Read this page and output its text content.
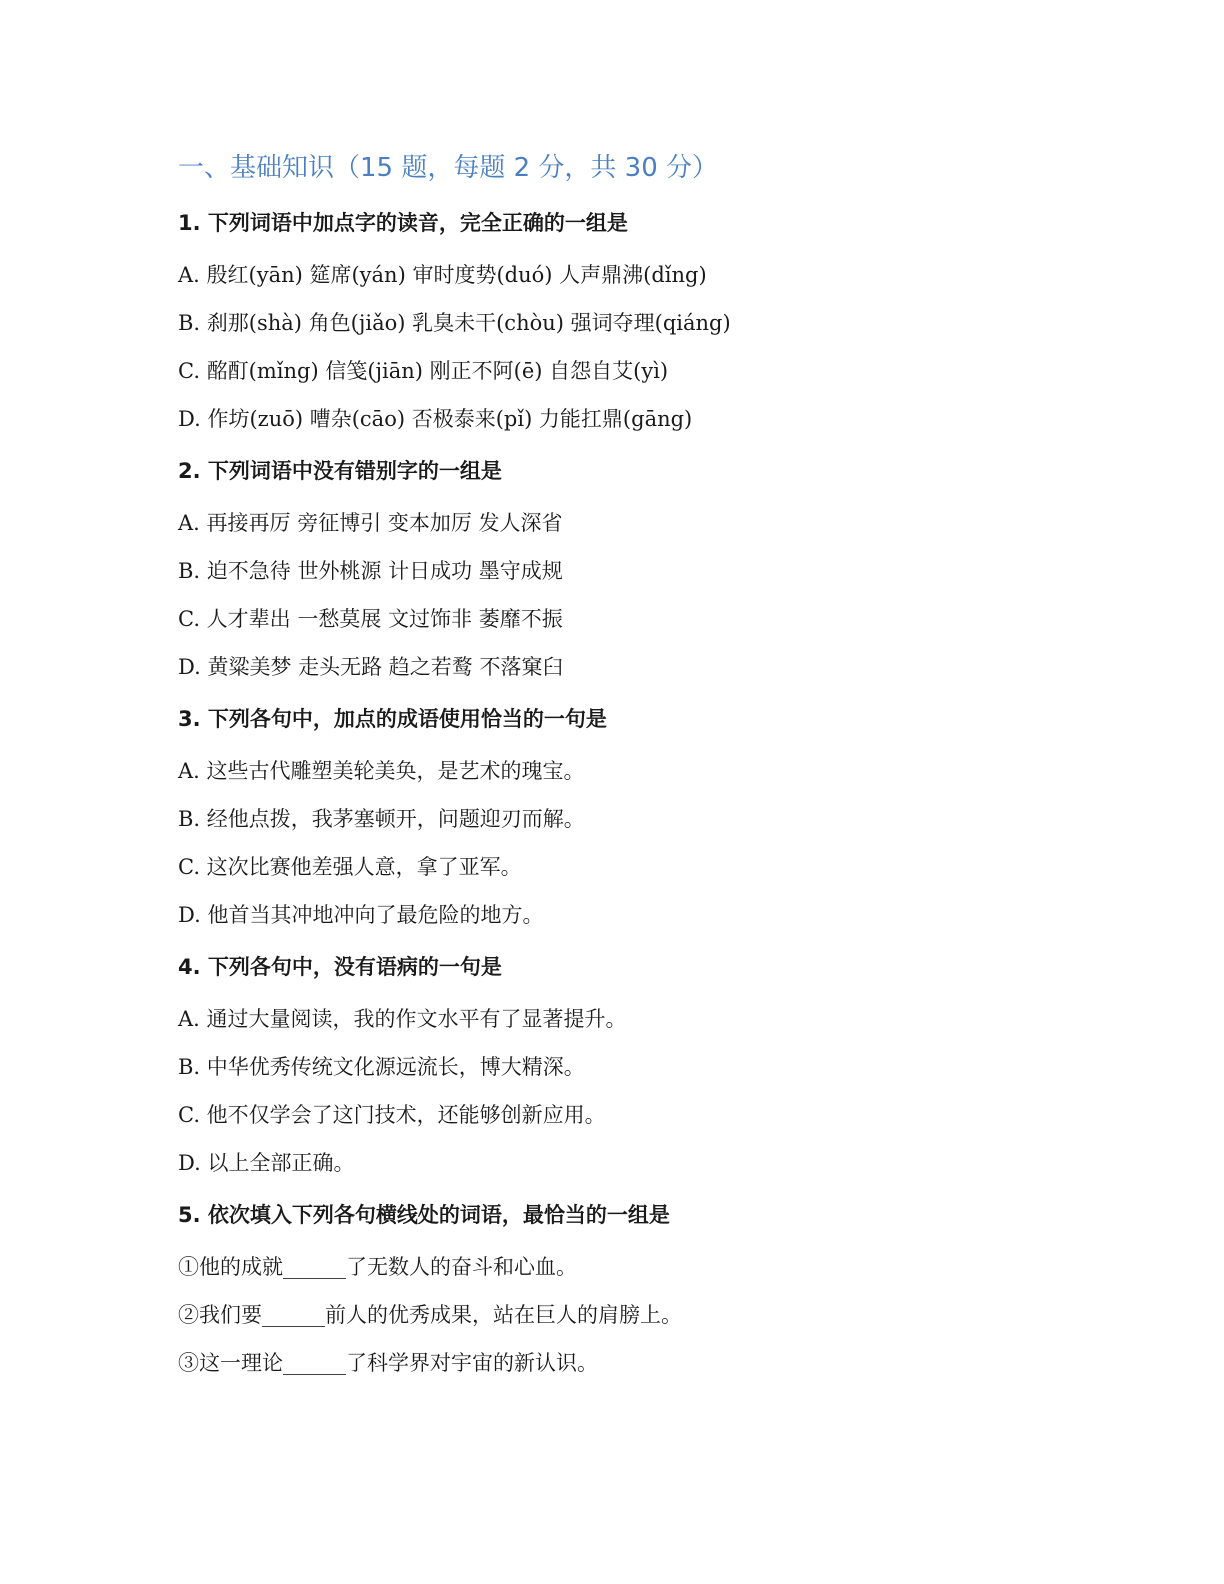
一、基础知识（15 题，每题 2 分，共 30 分）
1. 下列词语中加点字的读音，完全正确的一组是
A. 殷红(yān) 筵席(yán) 审时度势(duó) 人声鼎沸(dǐng)
B. 刹那(shà) 角色(jiǎo) 乳臭未干(chòu) 强词夺理(qiáng)
C. 酩酊(mǐng) 信笺(jiān) 刚正不阿(ē) 自怨自艾(yì)
D. 作坊(zuō) 嘈杂(cāo) 否极泰来(pǐ) 力能扛鼎(gāng)
2. 下列词语中没有错别字的一组是
A. 再接再厉 旁征博引 变本加厉 发人深省
B. 迫不急待 世外桃源 计日成功 墨守成规
C. 人才辈出 一愁莫展 文过饰非 萎靡不振
D. 黄粱美梦 走头无路 趋之若鹜 不落窠臼
3. 下列各句中，加点的成语使用恰当的一句是
A. 这些古代雕塑美轮美奂，是艺术的瑰宝。
B. 经他点拨，我茅塞顿开，问题迎刃而解。
C. 这次比赛他差强人意，拿了亚军。
D. 他首当其冲地冲向了最危险的地方。
4. 下列各句中，没有语病的一句是
A. 通过大量阅读，我的作文水平有了显著提升。
B. 中华优秀传统文化源远流长，博大精深。
C. 他不仅学会了这门技术，还能够创新应用。
D. 以上全部正确。
5. 依次填入下列各句横线处的词语，最恰当的一组是
①他的成就______了无数人的奋斗和心血。
②我们要______前人的优秀成果，站在巨人的肩膀上。
③这一理论______了科学界对宇宙的新认识。
